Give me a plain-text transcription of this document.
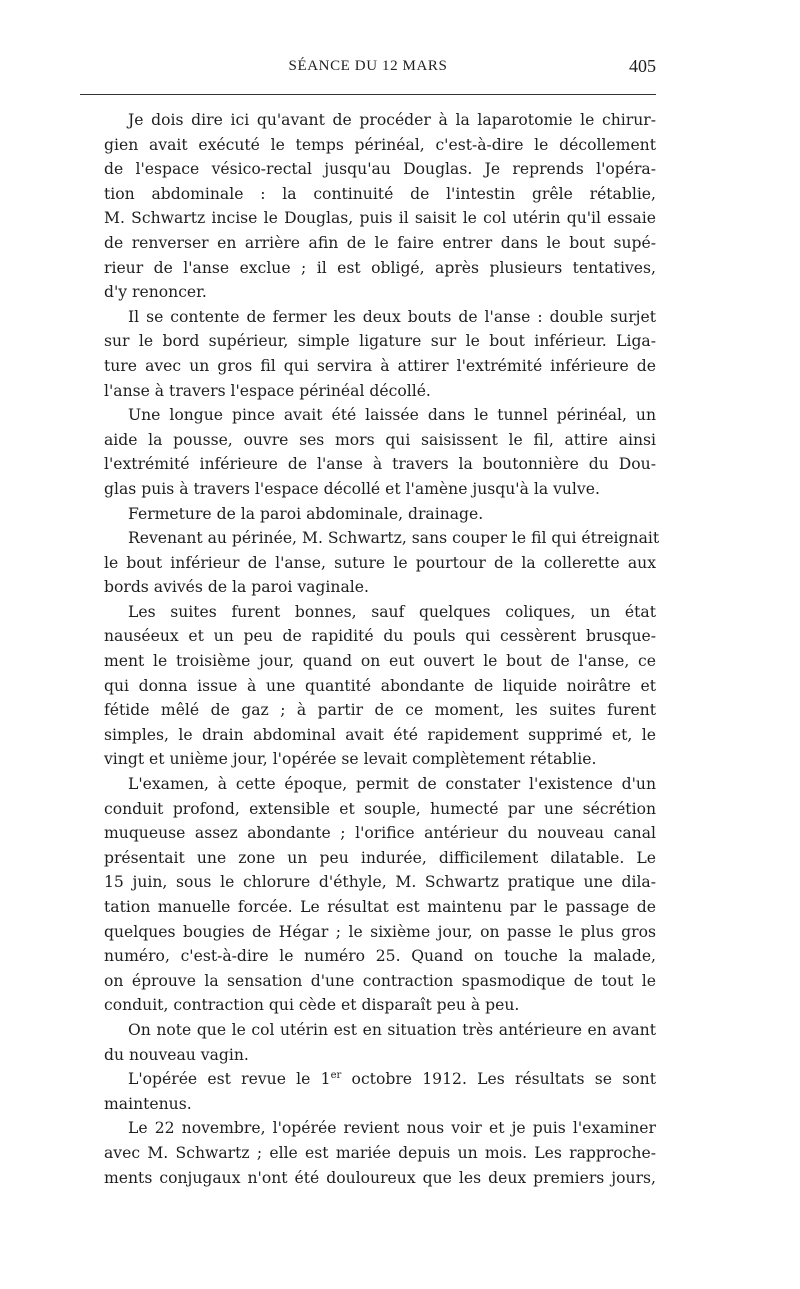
SÉANCE DU 12 MARS	405
Je dois dire ici qu'avant de procéder à la laparotomie le chirur-
gien avait exécuté le temps périnéal, c'est-à-dire le décollement
de l'espace vésico-rectal jusqu'au Douglas. Je reprends l'opéra-
tion abdominale : la continuité de l'intestin grêle rétablie,
M. Schwartz incise le Douglas, puis il saisit le col utérin qu'il essaie
de renverser en arrière afin de le faire entrer dans le bout supé-
rieur de l'anse exclue ; il est obligé, après plusieurs tentatives,
d'y renoncer.
Il se contente de fermer les deux bouts de l'anse : double surjet
sur le bord supérieur, simple ligature sur le bout inférieur. Liga-
ture avec un gros fil qui servira à attirer l'extrémité inférieure de
l'anse à travers l'espace périnéal décollé.
Une longue pince avait été laissée dans le tunnel périnéal, un
aide la pousse, ouvre ses mors qui saisissent le fil, attire ainsi
l'extrémité inférieure de l'anse à travers la boutonnière du Dou-
glas puis à travers l'espace décollé et l'amène jusqu'à la vulve.
Fermeture de la paroi abdominale, drainage.
Revenant au périnée, M. Schwartz, sans couper le fil qui étreignait
le bout inférieur de l'anse, suture le pourtour de la collerette aux
bords avivés de la paroi vaginale.
Les suites furent bonnes, sauf quelques coliques, un état
nauséeux et un peu de rapidité du pouls qui cessèrent brusque-
ment le troisième jour, quand on eut ouvert le bout de l'anse, ce
qui donna issue à une quantité abondante de liquide noirâtre et
fétide mêlé de gaz ; à partir de ce moment, les suites furent
simples, le drain abdominal avait été rapidement supprimé et, le
vingt et unième jour, l'opérée se levait complètement rétablie.
L'examen, à cette époque, permit de constater l'existence d'un
conduit profond, extensible et souple, humecté par une sécrétion
muqueuse assez abondante ; l'orifice antérieur du nouveau canal
présentait une zone un peu indurée, difficilement dilatable. Le
15 juin, sous le chlorure d'éthyle, M. Schwartz pratique une dila-
tation manuelle forcée. Le résultat est maintenu par le passage de
quelques bougies de Hégar ; le sixième jour, on passe le plus gros
numéro, c'est-à-dire le numéro 25. Quand on touche la malade,
on éprouve la sensation d'une contraction spasmodique de tout le
conduit, contraction qui cède et disparaît peu à peu.
On note que le col utérin est en situation très antérieure en avant
du nouveau vagin.
L'opérée est revue le 1er octobre 1912. Les résultats se sont
maintenus.
Le 22 novembre, l'opérée revient nous voir et je puis l'examiner
avec M. Schwartz ; elle est mariée depuis un mois. Les rapproche-
ments conjugaux n'ont été douloureux que les deux premiers jours,
